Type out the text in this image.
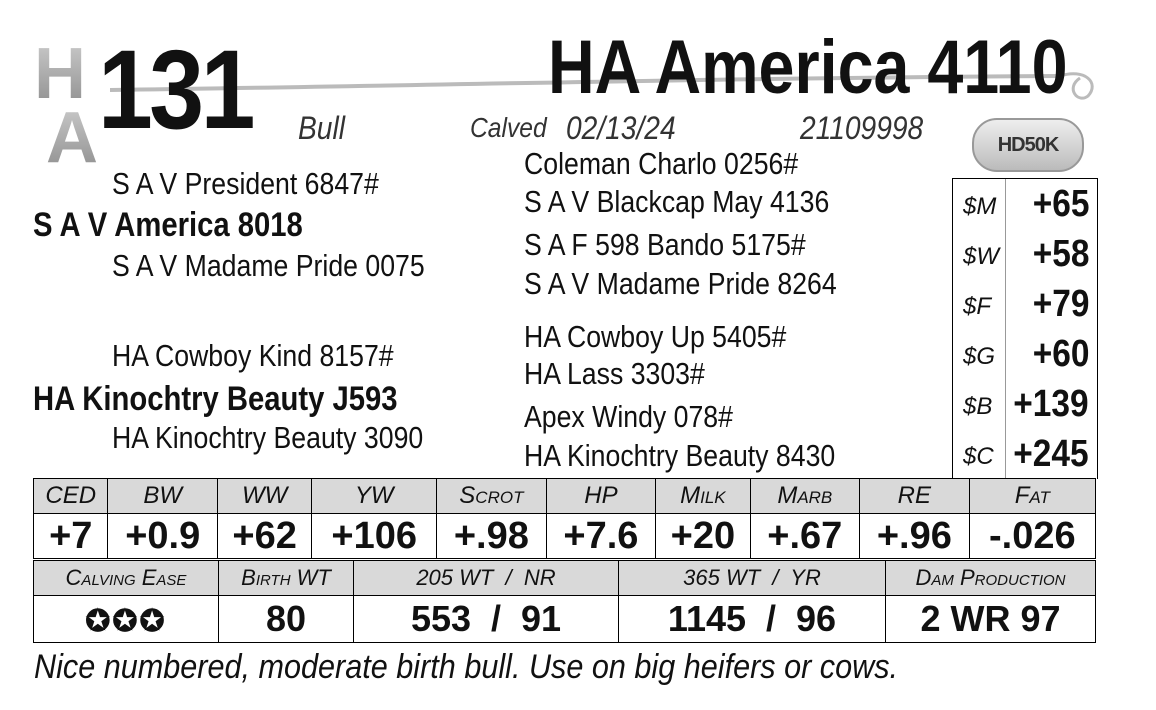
H
A 131	HA America 4110
Bull	Calved 02/13/24	21109998	HD50K
S A V President 6847#
S A V America 8018
S A V Madame Pride 0075
HA Cowboy Kind 8157#
HA Kinochtry Beauty J593
HA Kinochtry Beauty 3090
Coleman Charlo 0256#
S A V Blackcap May 4136
S A F 598 Bando 5175#
S A V Madame Pride 8264
HA Cowboy Up 5405#
HA Lass 3303#
Apex Windy 078#
HA Kinochtry Beauty 8430
$M +65
$W +58
$F +79
$G +60
$B +139
$C +245
CED	BW	WW	YW	Scrot	HP	Milk	Marb	RE	Fat
+7	+0.9	+62	+106	+.98	+7.6	+20	+.67	+.96	-.026
Calving Ease	Birth WT	205 WT  /  NR	365 WT  /  YR	Dam Production
✪✪✪	80	553  /  91	1145  /  96	2 WR 97
Nice numbered, moderate birth bull. Use on big heifers or cows.
